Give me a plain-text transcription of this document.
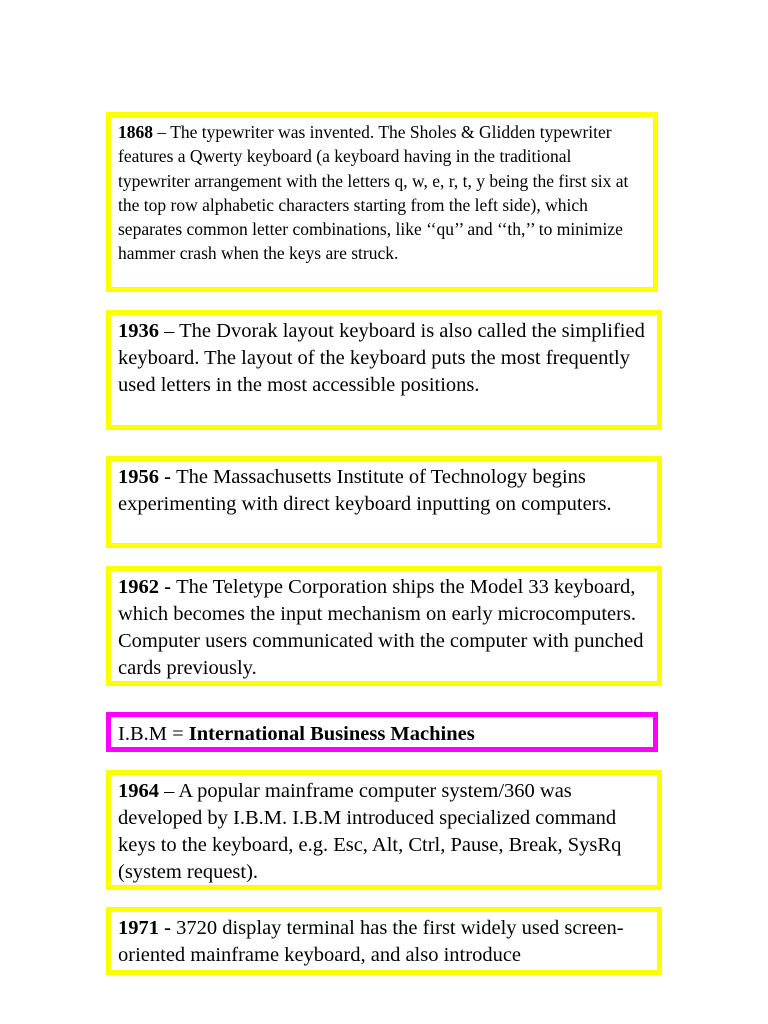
1868 – The typewriter was invented. The Sholes & Glidden typewriter features a Qwerty keyboard (a keyboard having in the traditional typewriter arrangement with the letters q, w, e, r, t, y being the first six at the top row alphabetic characters starting from the left side), which separates common letter combinations, like ‘‘qu’’ and ‘‘th,’’ to minimize hammer crash when the keys are struck.

1936 – The Dvorak layout keyboard is also called the simplified keyboard. The layout of the keyboard puts the most frequently used letters in the most accessible positions.

1956 - The Massachusetts Institute of Technology begins experimenting with direct keyboard inputting on computers.

1962 - The Teletype Corporation ships the Model 33 keyboard, which becomes the input mechanism on early microcomputers. Computer users communicated with the computer with punched cards previously.

I.B.M = International Business Machines

1964 – A popular mainframe computer system/360 was developed by I.B.M. I.B.M introduced specialized command keys to the keyboard, e.g. Esc, Alt, Ctrl, Pause, Break, SysRq (system request).

1971 - 3720 display terminal has the first widely used screen-oriented mainframe keyboard, and also introduce
